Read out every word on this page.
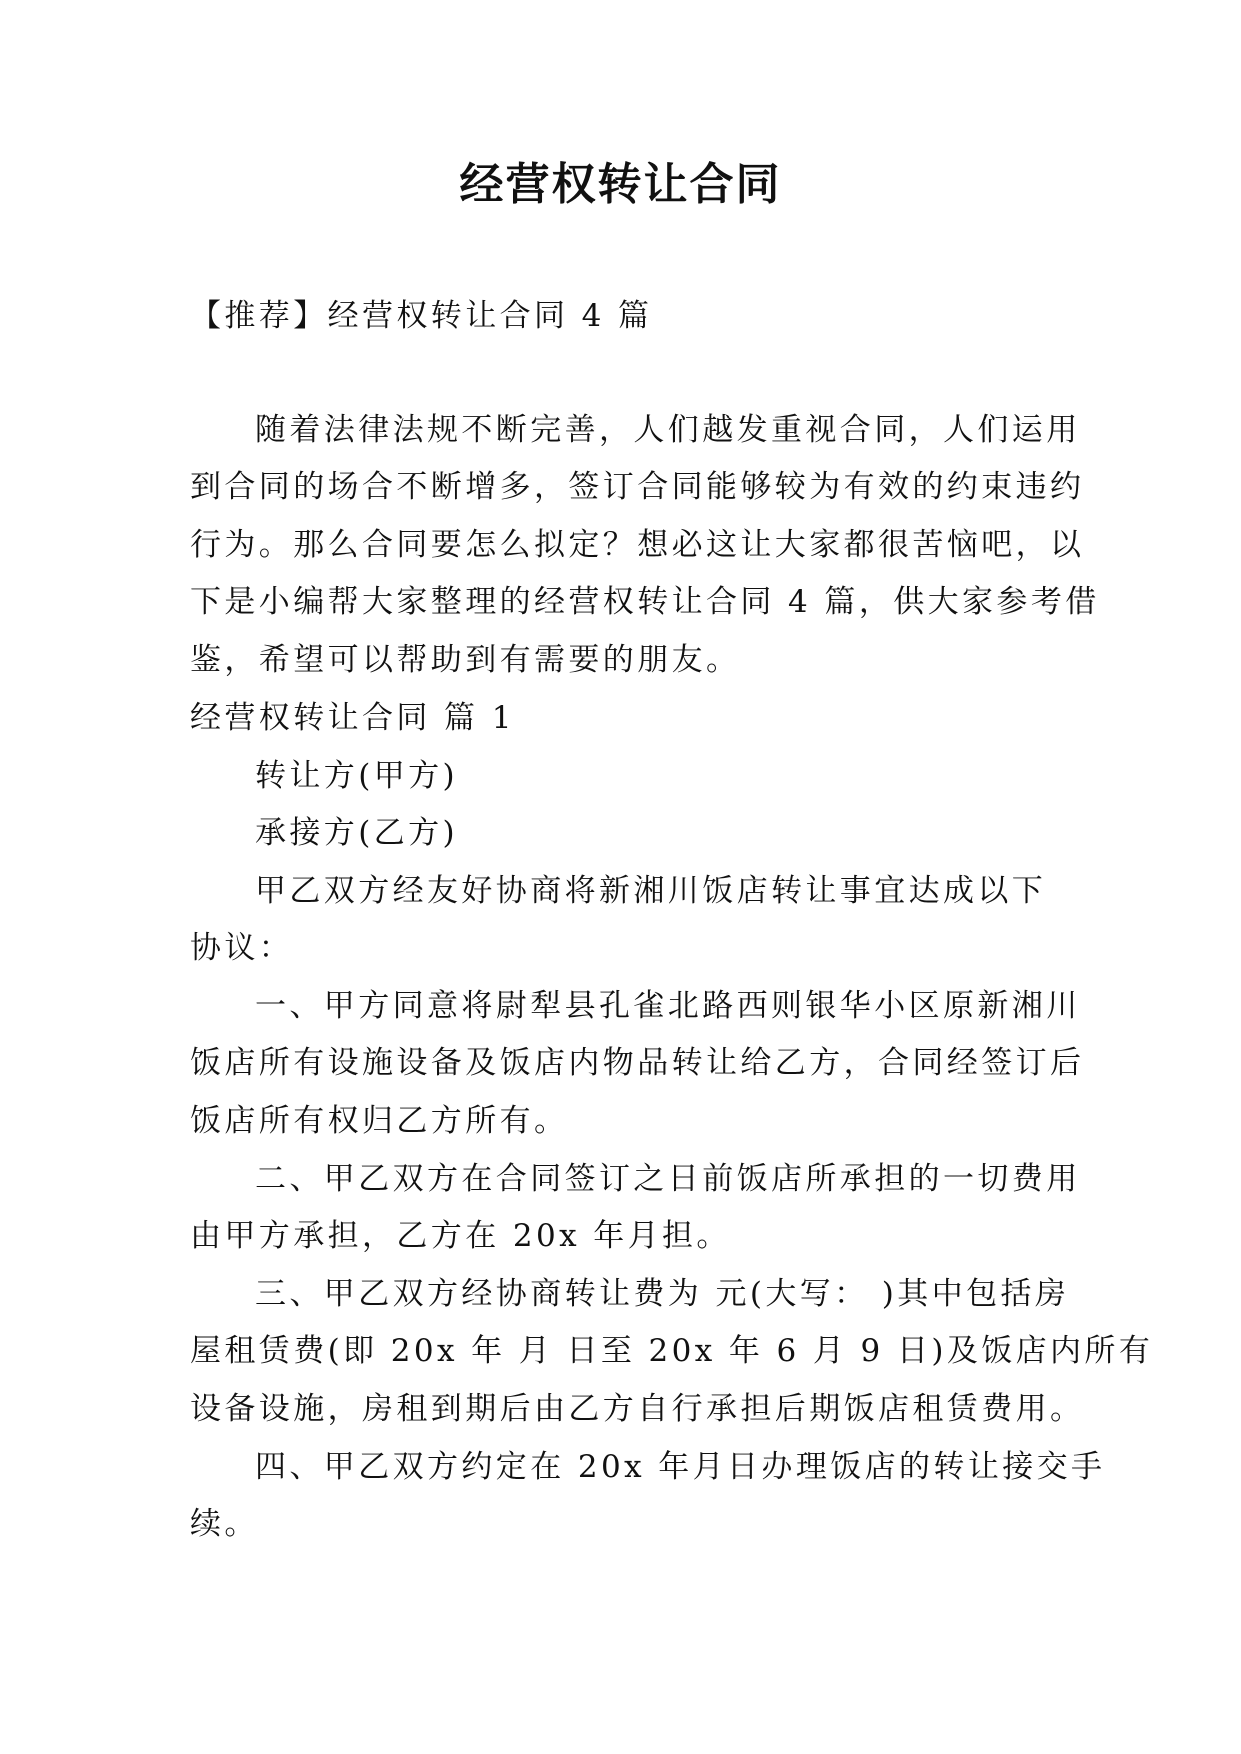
经营权转让合同
【推荐】经营权转让合同 4 篇
随着法律法规不断完善，人们越发重视合同，人们运用
到合同的场合不断增多，签订合同能够较为有效的约束违约
行为。那么合同要怎么拟定？想必这让大家都很苦恼吧，以
下是小编帮大家整理的经营权转让合同 4 篇，供大家参考借
鉴，希望可以帮助到有需要的朋友。
经营权转让合同 篇 1
转让方(甲方)
承接方(乙方)
甲乙双方经友好协商将新湘川饭店转让事宜达成以下
协议：
一、甲方同意将尉犁县孔雀北路西则银华小区原新湘川
饭店所有设施设备及饭店内物品转让给乙方，合同经签订后
饭店所有权归乙方所有。
二、甲乙双方在合同签订之日前饭店所承担的一切费用
由甲方承担，乙方在 20x 年月担。
三、甲乙双方经协商转让费为 元(大写： )其中包括房
屋租赁费(即 20x 年 月 日至 20x 年 6 月 9 日)及饭店内所有
设备设施，房租到期后由乙方自行承担后期饭店租赁费用。
四、甲乙双方约定在 20x 年月日办理饭店的转让接交手
续。
